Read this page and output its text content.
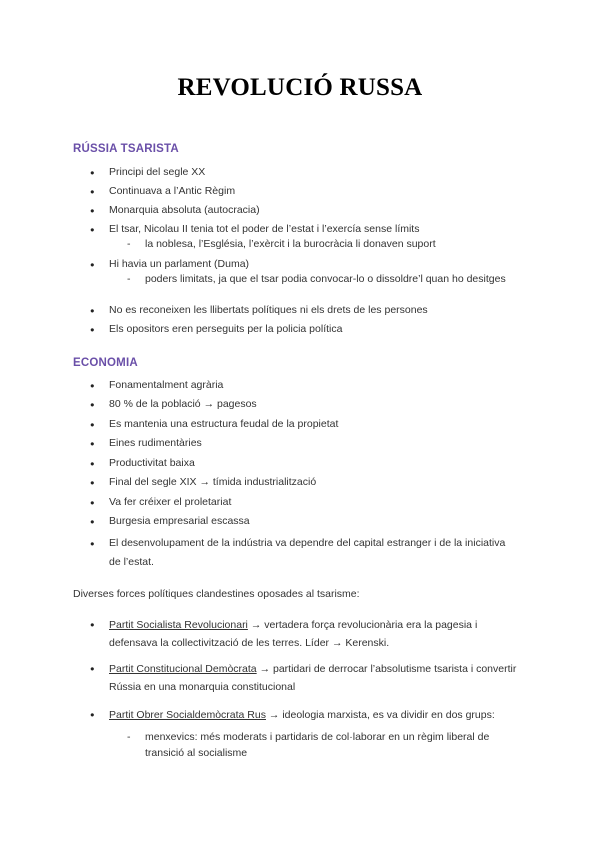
REVOLUCIÓ RUSSA
RÚSSIA TSARISTA
● Principi del segle XX
● Continuava a l’Antic Règim
● Monarquia absoluta (autocracia)
● El tsar, Nicolau II tenia tot el poder de l’estat i l’exercía sense límits
- la noblesa, l’Església, l’exèrcit i la burocràcia li donaven suport
● Hi havia un parlament (Duma)
- poders limitats, ja que el tsar podia convocar-lo o dissoldre’l quan ho desitges
● No es reconeixen les llibertats polítiques ni els drets de les persones
● Els opositors eren perseguits per la policia política
ECONOMIA
● Fonamentalment agrària
● 80 % de la població → pagesos
● Es mantenia una estructura feudal de la propietat
● Eines rudimentàries
● Productivitat baixa
● Final del segle XIX → tímida industrialització
● Va fer créixer el proletariat
● Burgesia empresarial escassa
● El desenvolupament de la indústria va dependre del capital estranger i de la iniciativa de l’estat.
Diverses forces polítiques clandestines oposades al tsarisme:
● Partit Socialista Revolucionari → vertadera força revolucionària era la pagesia i defensava la collectivització de les terres. Líder → Kerenski.
● Partit Constitucional Demòcrata → partidari de derrocar l’absolutisme tsarista i convertir Rússia en una monarquia constitucional
● Partit Obrer Socialdemòcrata Rus → ideologia marxista, es va dividir en dos grups:
- menxevics: més moderats i partidaris de col·laborar en un règim liberal de transició al socialisme
